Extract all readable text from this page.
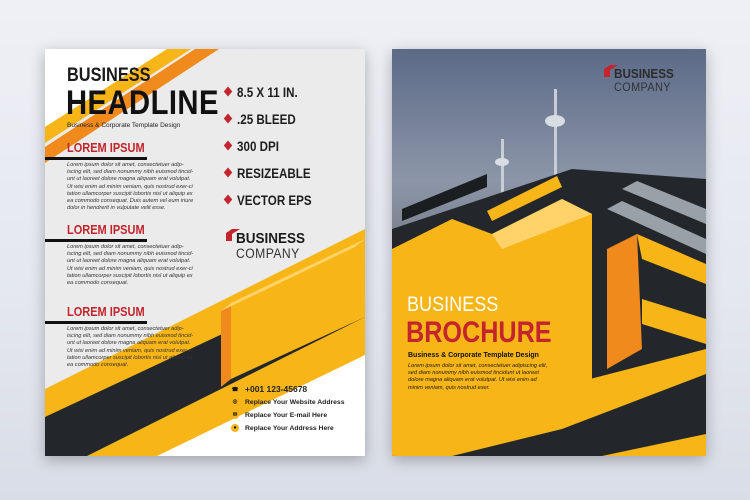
BUSINESS
HEADLINE
Business & Corporate Template Design
LOREM IPSUM
Lorem ipsum dolor sit amet, consectetuer adip-iscing elit, sed diam nonummy nibh euismod tincid-unt ut laoreet dolore magna aliquam erat volutpat. Ut wisi enim ad minim veniam, quis nostrud exer-ci tation ullamcorper suscipit lobortis nisl ut aliquip ex ea commodo consequat. Duis autem vel eum iriure dolor in hendrerit in vulputate velit esse.
LOREM IPSUM
Lorem ipsum dolor sit amet, consectetuer adip-iscing elit, sed diam nonummy nibh euismod tincid-unt ut laoreet dolore magna aliquam erat volutpat. Ut wisi enim ad minim veniam, quis nostrud exer-ci tation ullamcorper suscipit lobortis nisl ut aliquip ex ea commodo consequat.
LOREM IPSUM
Lorem ipsum dolor sit amet, consectetuer adip-iscing elit, sed diam nonummy nibh euismod tincid-unt ut laoreet dolore magna aliquam erat volutpat. Ut wisi enim ad minim veniam, quis nostrud exer-ci tation ullamcorper suscipit lobortis nisl ut aliquip ex ea commodo consequat.
8.5 X 11 IN.
.25 BLEED
300 DPI
RESIZEABLE
VECTOR EPS
BUSINESS
COMPANY
☎ +001 123-45678
◎ Replace Your Website Address
✉ Replace Your E-mail Here
● Replace Your Address Here
BUSINESS
COMPANY
BUSINESS
BROCHURE
Business & Corporate Template Design
Lorem ipsum dolor sit amet, consectetuer adipiscing elit, sed diam nonummy nibh euismod tincidunt ut laoreet dolore magna aliquam erat volutpat. Ut wisi enim ad minim veniam, quis nostrud exer.
